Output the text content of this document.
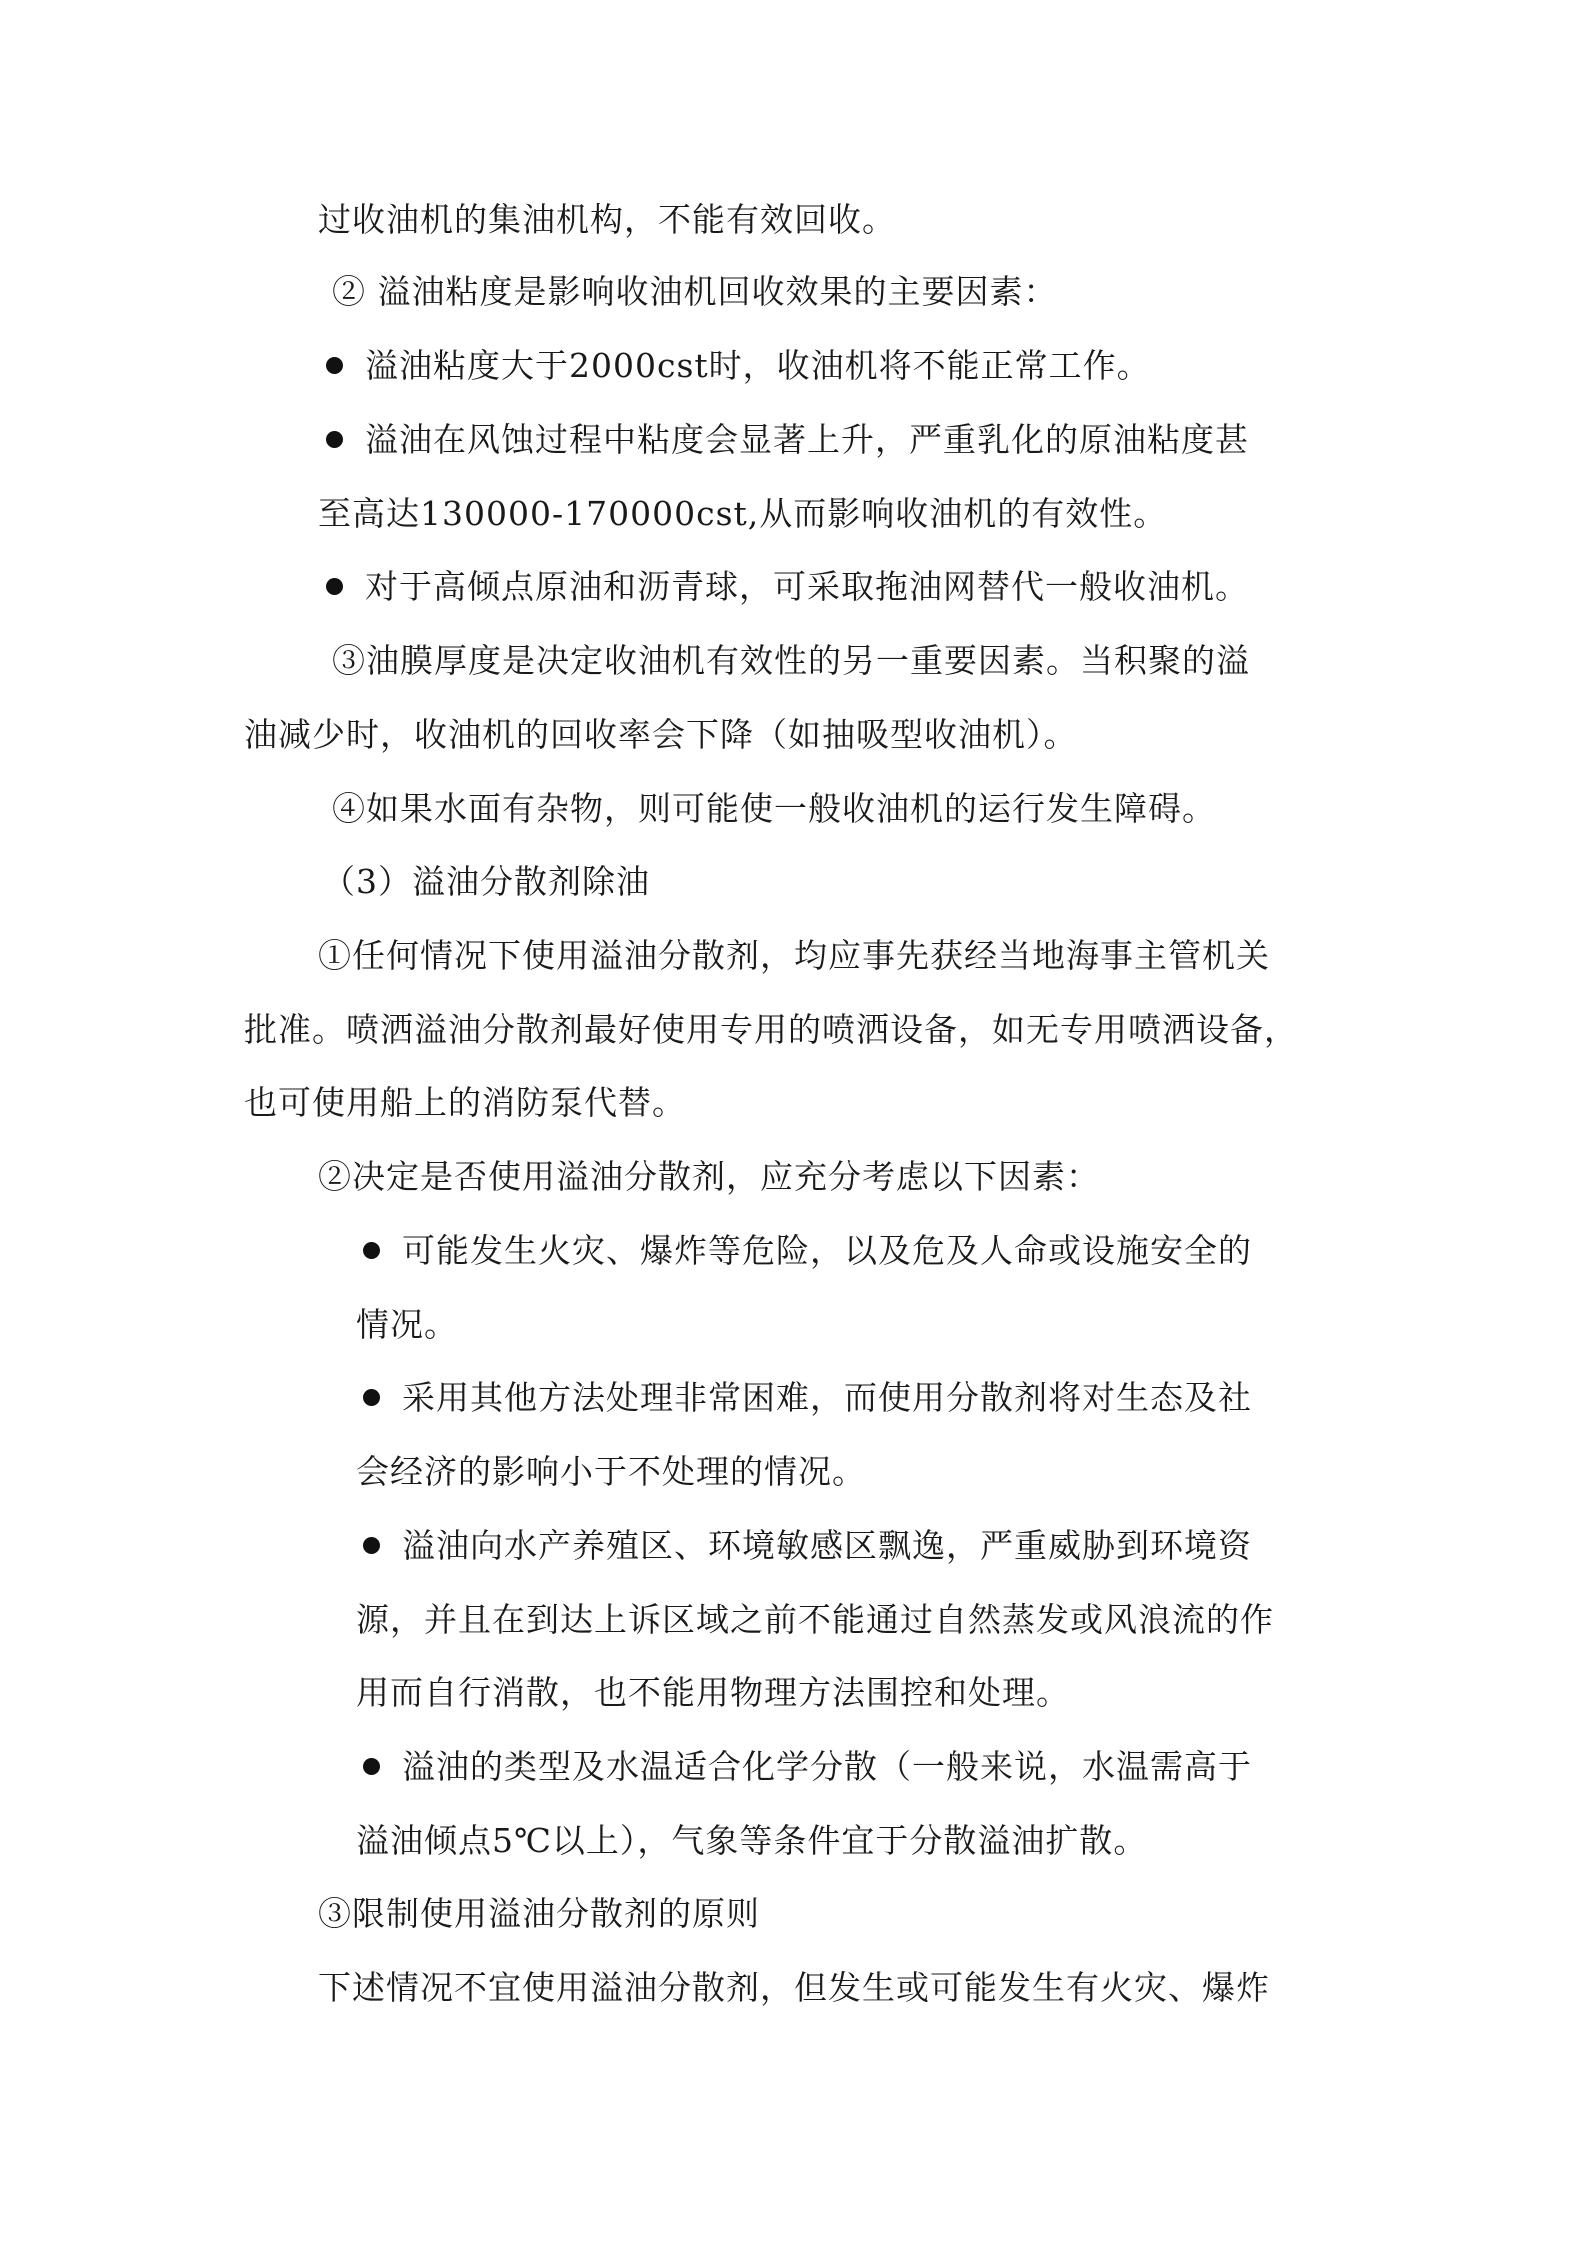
过收油机的集油机构，不能有效回收。
② 溢油粘度是影响收油机回收效果的主要因素：
溢油粘度大于2000cst时，收油机将不能正常工作。
溢油在风蚀过程中粘度会显著上升，严重乳化的原油粘度甚
至高达130000-170000cst,从而影响收油机的有效性。
对于高倾点原油和沥青球，可采取拖油网替代一般收油机。
③油膜厚度是决定收油机有效性的另一重要因素。当积聚的溢
油减少时，收油机的回收率会下降（如抽吸型收油机）。
④如果水面有杂物，则可能使一般收油机的运行发生障碍。
（3）溢油分散剂除油
①任何情况下使用溢油分散剂，均应事先获经当地海事主管机关
批准。喷洒溢油分散剂最好使用专用的喷洒设备，如无专用喷洒设备，
也可使用船上的消防泵代替。
②决定是否使用溢油分散剂，应充分考虑以下因素：
可能发生火灾、爆炸等危险，以及危及人命或设施安全的
情况。
采用其他方法处理非常困难，而使用分散剂将对生态及社
会经济的影响小于不处理的情况。
溢油向水产养殖区、环境敏感区飘逸，严重威胁到环境资
源，并且在到达上诉区域之前不能通过自然蒸发或风浪流的作
用而自行消散，也不能用物理方法围控和处理。
溢油的类型及水温适合化学分散（一般来说，水温需高于
溢油倾点5℃以上），气象等条件宜于分散溢油扩散。
③限制使用溢油分散剂的原则
下述情况不宜使用溢油分散剂，但发生或可能发生有火灾、爆炸
